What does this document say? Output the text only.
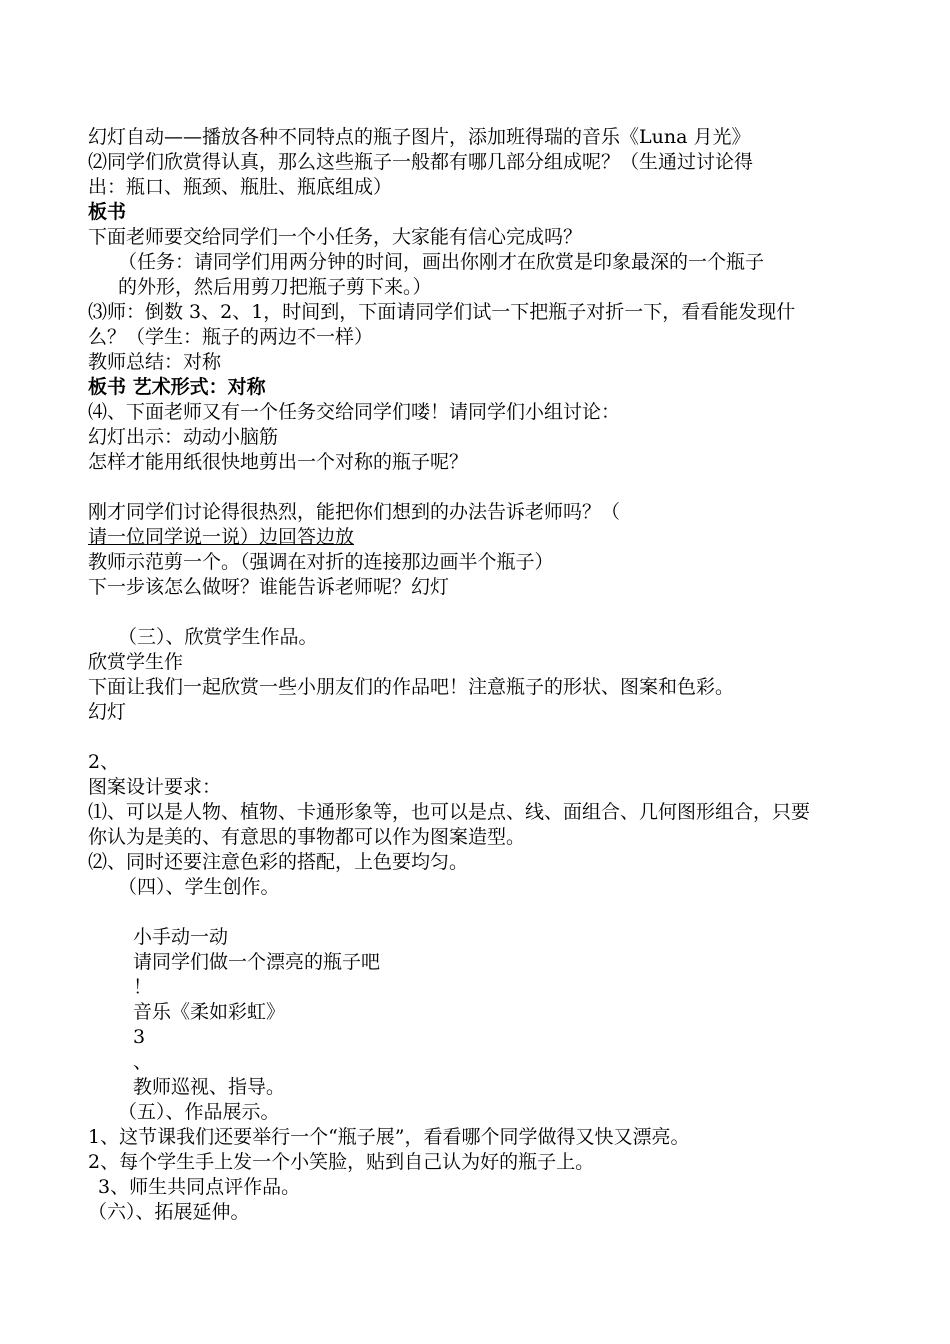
幻灯自动——播放各种不同特点的瓶子图片，添加班得瑞的音乐《Luna 月光》
⑵同学们欣赏得认真，那么这些瓶子一般都有哪几部分组成呢？（生通过讨论得
出：瓶口、瓶颈、瓶肚、瓶底组成）
板书
下面老师要交给同学们一个小任务，大家能有信心完成吗？
（任务：请同学们用两分钟的时间，画出你刚才在欣赏是印象最深的一个瓶子
的外形，然后用剪刀把瓶子剪下来。）
⑶师：倒数 3、2、1，时间到，下面请同学们试一下把瓶子对折一下，看看能发现什
么？（学生：瓶子的两边不一样）
教师总结：对称
板书 艺术形式：对称
⑷、下面老师又有一个任务交给同学们喽！请同学们小组讨论：
幻灯出示：动动小脑筋
怎样才能用纸很快地剪出一个对称的瓶子呢？
刚才同学们讨论得很热烈，能把你们想到的办法告诉老师吗？（
请一位同学说一说）边回答边放
教师示范剪一个。（强调在对折的连接那边画半个瓶子）
下一步该怎么做呀？谁能告诉老师呢？幻灯
（三）、欣赏学生作品。
欣赏学生作
下面让我们一起欣赏一些小朋友们的作品吧！注意瓶子的形状、图案和色彩。
幻灯
2、
图案设计要求：
⑴、可以是人物、植物、卡通形象等，也可以是点、线、面组合、几何图形组合，只要
你认为是美的、有意思的事物都可以作为图案造型。
⑵、同时还要注意色彩的搭配，上色要均匀。
（四）、学生创作。
小手动一动
请同学们做一个漂亮的瓶子吧
！
音乐《柔如彩虹》
3
、
教师巡视、指导。
（五）、作品展示。
1、这节课我们还要举行一个“瓶子展”，看看哪个同学做得又快又漂亮。
2、每个学生手上发一个小笑脸，贴到自己认为好的瓶子上。
3、师生共同点评作品。
（六）、拓展延伸。
